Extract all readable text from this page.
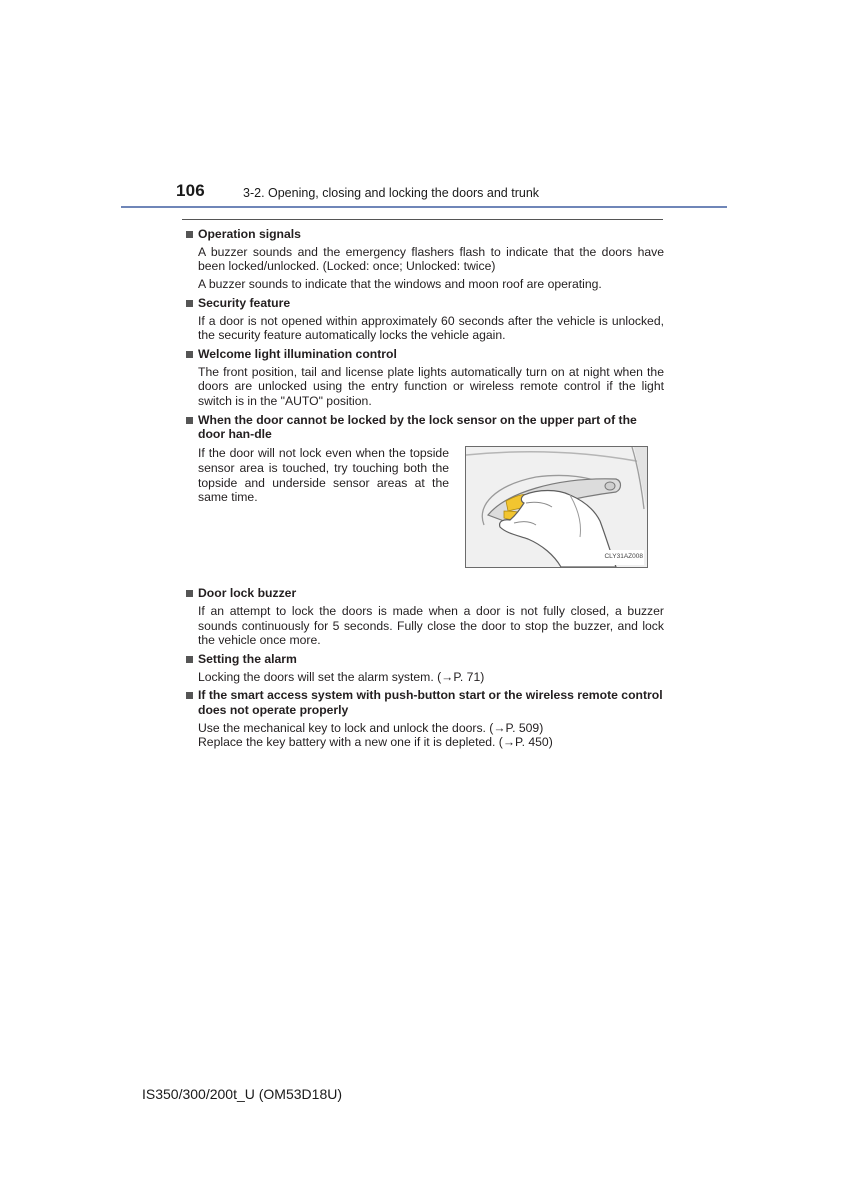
106	3-2. Opening, closing and locking the doors and trunk
Operation signals

A buzzer sounds and the emergency flashers flash to indicate that the doors have been locked/unlocked. (Locked: once; Unlocked: twice)

A buzzer sounds to indicate that the windows and moon roof are operating.

Security feature

If a door is not opened within approximately 60 seconds after the vehicle is unlocked, the security feature automatically locks the vehicle again.

Welcome light illumination control

The front position, tail and license plate lights automatically turn on at night when the doors are unlocked using the entry function or wireless remote control if the light switch is in the "AUTO" position.

When the door cannot be locked by the lock sensor on the upper part of the door han-dle

If the door will not lock even when the topside sensor area is touched, try touching both the topside and underside sensor areas at the same time.

CLY31AZ008
Door lock buzzer

If an attempt to lock the doors is made when a door is not fully closed, a buzzer sounds continuously for 5 seconds. Fully close the door to stop the buzzer, and lock the vehicle once more.

Setting the alarm

Locking the doors will set the alarm system. (→P. 71)

If the smart access system with push-button start or the wireless remote control does not operate properly

Use the mechanical key to lock and unlock the doors. (→P. 509)

Replace the key battery with a new one if it is depleted. (→P. 450)

IS350/300/200t_U (OM53D18U)
